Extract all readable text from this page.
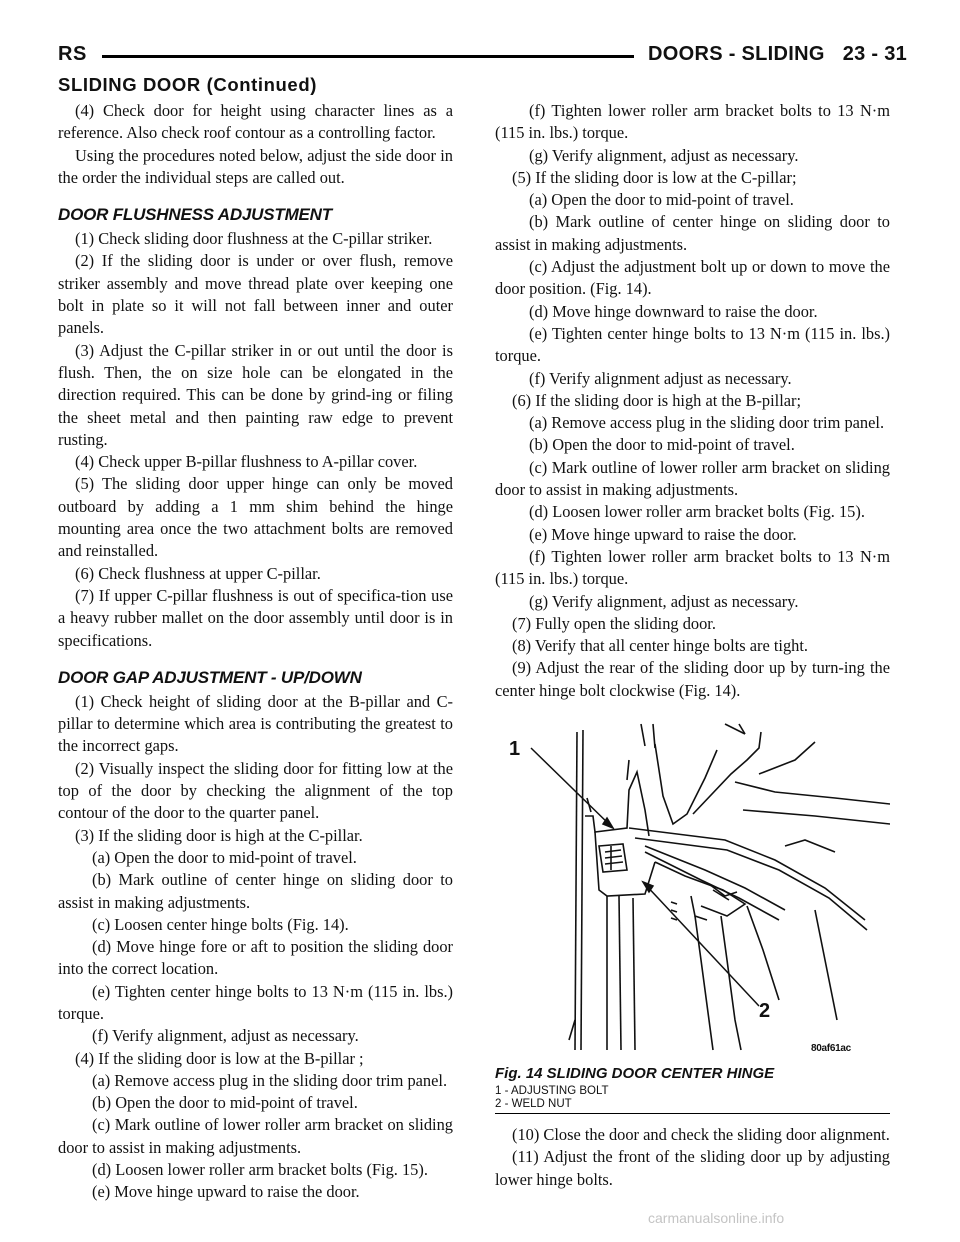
RS	DOORS - SLIDING 23 - 31
SLIDING DOOR (Continued)

(4) Check door for height using character lines as a reference. Also check roof contour as a controlling factor.

Using the procedures noted below, adjust the side door in the order the individual steps are called out.

DOOR FLUSHNESS ADJUSTMENT

(1) Check sliding door flushness at the C-pillar striker.

(2) If the sliding door is under or over flush, remove striker assembly and move thread plate over keeping one bolt in plate so it will not fall between inner and outer panels.

(3) Adjust the C-pillar striker in or out until the door is flush. Then, the on size hole can be elongated in the direction required. This can be done by grind-ing or filing the sheet metal and then painting raw edge to prevent rusting.

(4) Check upper B-pillar flushness to A-pillar cover.

(5) The sliding door upper hinge can only be moved outboard by adding a 1 mm shim behind the hinge mounting area once the two attachment bolts are removed and reinstalled.

(6) Check flushness at upper C-pillar.

(7) If upper C-pillar flushness is out of specifica-tion use a heavy rubber mallet on the door assembly until door is in specifications.

DOOR GAP ADJUSTMENT - UP/DOWN

(1) Check height of sliding door at the B-pillar and C-pillar to determine which area is contributing the greatest to the incorrect gaps.

(2) Visually inspect the sliding door for fitting low at the top of the door by checking the alignment of the top contour of the door to the quarter panel.

(3) If the sliding door is high at the C-pillar.

(a) Open the door to mid-point of travel.

(b) Mark outline of center hinge on sliding door to assist in making adjustments.

(c) Loosen center hinge bolts (Fig. 14).

(d) Move hinge fore or aft to position the sliding door into the correct location.

(e) Tighten center hinge bolts to 13 N·m (115 in. lbs.) torque.

(f) Verify alignment, adjust as necessary.

(4) If the sliding door is low at the B-pillar ;

(a) Remove access plug in the sliding door trim panel.

(b) Open the door to mid-point of travel.

(c) Mark outline of lower roller arm bracket on sliding door to assist in making adjustments.

(d) Loosen lower roller arm bracket bolts (Fig. 15).

(e) Move hinge upward to raise the door.

(f) Tighten lower roller arm bracket bolts to 13 N·m (115 in. lbs.) torque.

(g) Verify alignment, adjust as necessary.

(5) If the sliding door is low at the C-pillar;

(a) Open the door to mid-point of travel.

(b) Mark outline of center hinge on sliding door to assist in making adjustments.

(c) Adjust the adjustment bolt up or down to move the door position. (Fig. 14).

(d) Move hinge downward to raise the door.

(e) Tighten center hinge bolts to 13 N·m (115 in. lbs.) torque.

(f) Verify alignment adjust as necessary.

(6) If the sliding door is high at the B-pillar;

(a) Remove access plug in the sliding door trim panel.

(b) Open the door to mid-point of travel.

(c) Mark outline of lower roller arm bracket on sliding door to assist in making adjustments.

(d) Loosen lower roller arm bracket bolts (Fig. 15).

(e) Move hinge upward to raise the door.

(f) Tighten lower roller arm bracket bolts to 13 N·m (115 in. lbs.) torque.

(g) Verify alignment, adjust as necessary.

(7) Fully open the sliding door.

(8) Verify that all center hinge bolts are tight.

(9) Adjust the rear of the sliding door up by turn-ing the center hinge bolt clockwise (Fig. 14).

1
2
80af61ac
Fig. 14 SLIDING DOOR CENTER HINGE
1 - ADJUSTING BOLT
2 - WELD NUT

(10) Close the door and check the sliding door alignment.

(11) Adjust the front of the sliding door up by adjusting lower hinge bolts.

carmanualsonline.info
